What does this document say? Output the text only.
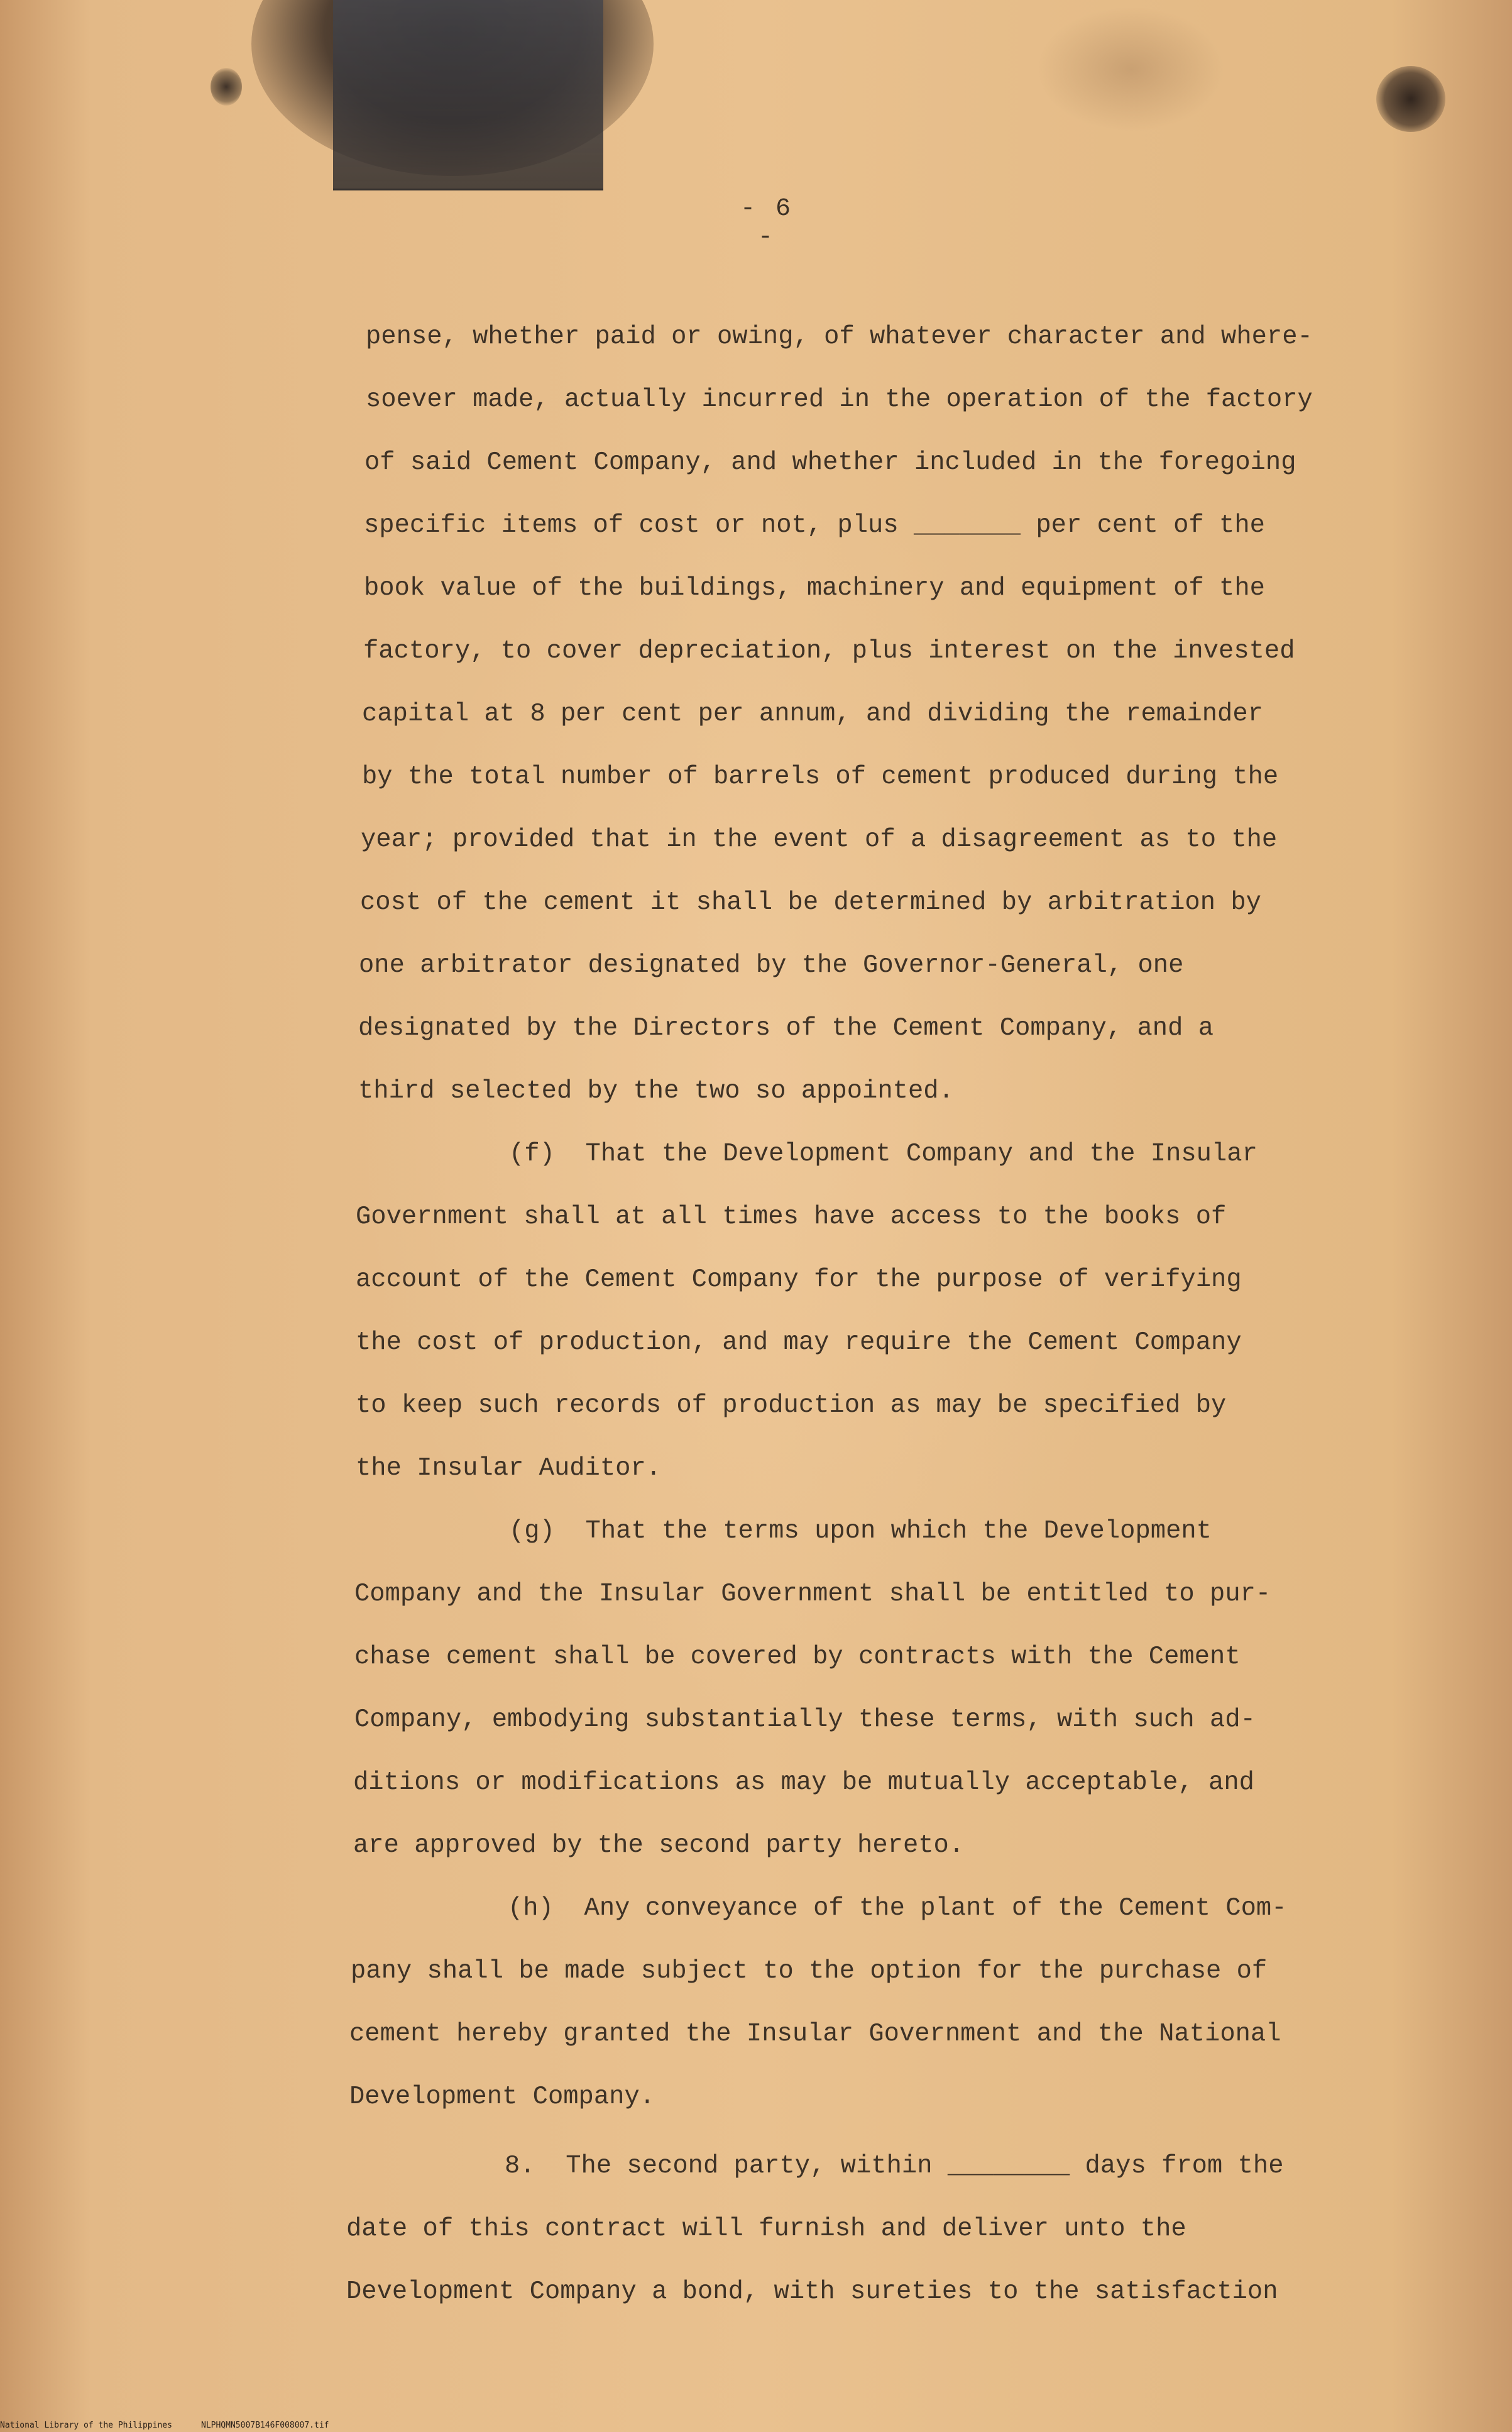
- 6 -
pense, whether paid or owing, of whatever character and where-
soever made, actually incurred in the operation of the factory
of said Cement Company, and whether included in the foregoing
specific items of cost or not, plus _______ per cent of the
book value of the buildings, machinery and equipment of the
factory, to cover depreciation, plus interest on the invested
capital at 8 per cent per annum, and dividing the remainder
by the total number of barrels of cement produced during the
year; provided that in the event of a disagreement as to the
cost of the cement it shall be determined by arbitration by
one arbitrator designated by the Governor-General, one
designated by the Directors of the Cement Company, and a
third selected by the two so appointed.
(f)  That the Development Company and the Insular
Government shall at all times have access to the books of
account of the Cement Company for the purpose of verifying
the cost of production, and may require the Cement Company
to keep such records of production as may be specified by
the Insular Auditor.
(g)  That the terms upon which the Development
Company and the Insular Government shall be entitled to pur-
chase cement shall be covered by contracts with the Cement
Company, embodying substantially these terms, with such ad-
ditions or modifications as may be mutually acceptable, and
are approved by the second party hereto.
(h)  Any conveyance of the plant of the Cement Com-
pany shall be made subject to the option for the purchase of
cement hereby granted the Insular Government and the National
Development Company.
8.  The second party, within ________ days from the
date of this contract will furnish and deliver unto the
Development Company a bond, with sureties to the satisfaction
National Library of the Philippines	NLPHQMN5007B146F008007.tif
